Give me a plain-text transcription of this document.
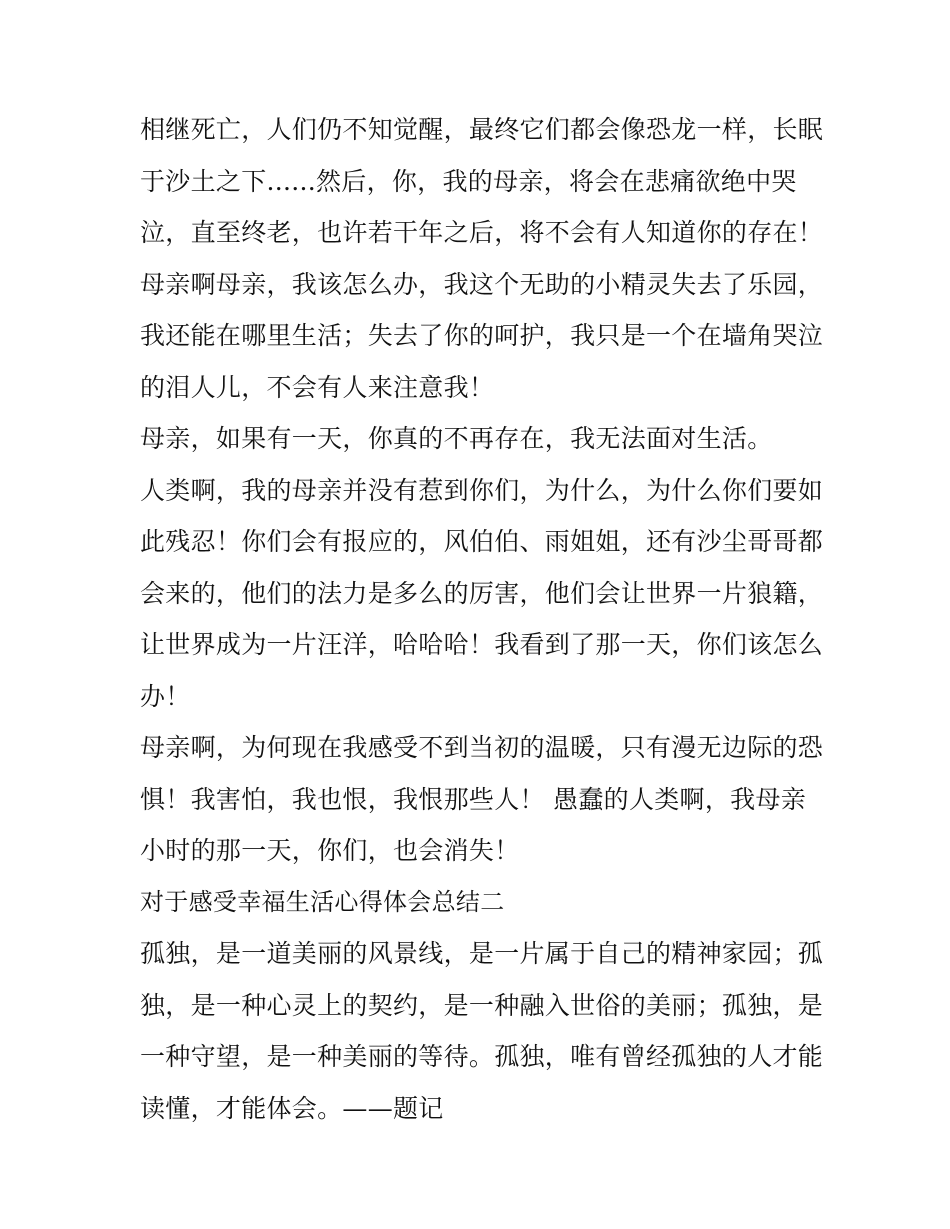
相继死亡，人们仍不知觉醒，最终它们都会像恐龙一样，长眠
于沙土之下......然后，你，我的母亲，将会在悲痛欲绝中哭
泣，直至终老，也许若干年之后，将不会有人知道你的存在！
母亲啊母亲，我该怎么办，我这个无助的小精灵失去了乐园，
我还能在哪里生活；失去了你的呵护，我只是一个在墙角哭泣
的泪人儿，不会有人来注意我！
母亲，如果有一天，你真的不再存在，我无法面对生活。
人类啊，我的母亲并没有惹到你们，为什么，为什么你们要如
此残忍！你们会有报应的，风伯伯、雨姐姐，还有沙尘哥哥都
会来的，他们的法力是多么的厉害，他们会让世界一片狼籍，
让世界成为一片汪洋，哈哈哈！我看到了那一天，你们该怎么
办！
母亲啊，为何现在我感受不到当初的温暖，只有漫无边际的恐
惧！我害怕，我也恨，我恨那些人！ 愚蠢的人类啊，我母亲
小时的那一天，你们，也会消失！
对于感受幸福生活心得体会总结二
孤独，是一道美丽的风景线，是一片属于自己的精神家园；孤
独，是一种心灵上的契约，是一种融入世俗的美丽；孤独，是
一种守望，是一种美丽的等待。孤独，唯有曾经孤独的人才能
读懂，才能体会。——题记
